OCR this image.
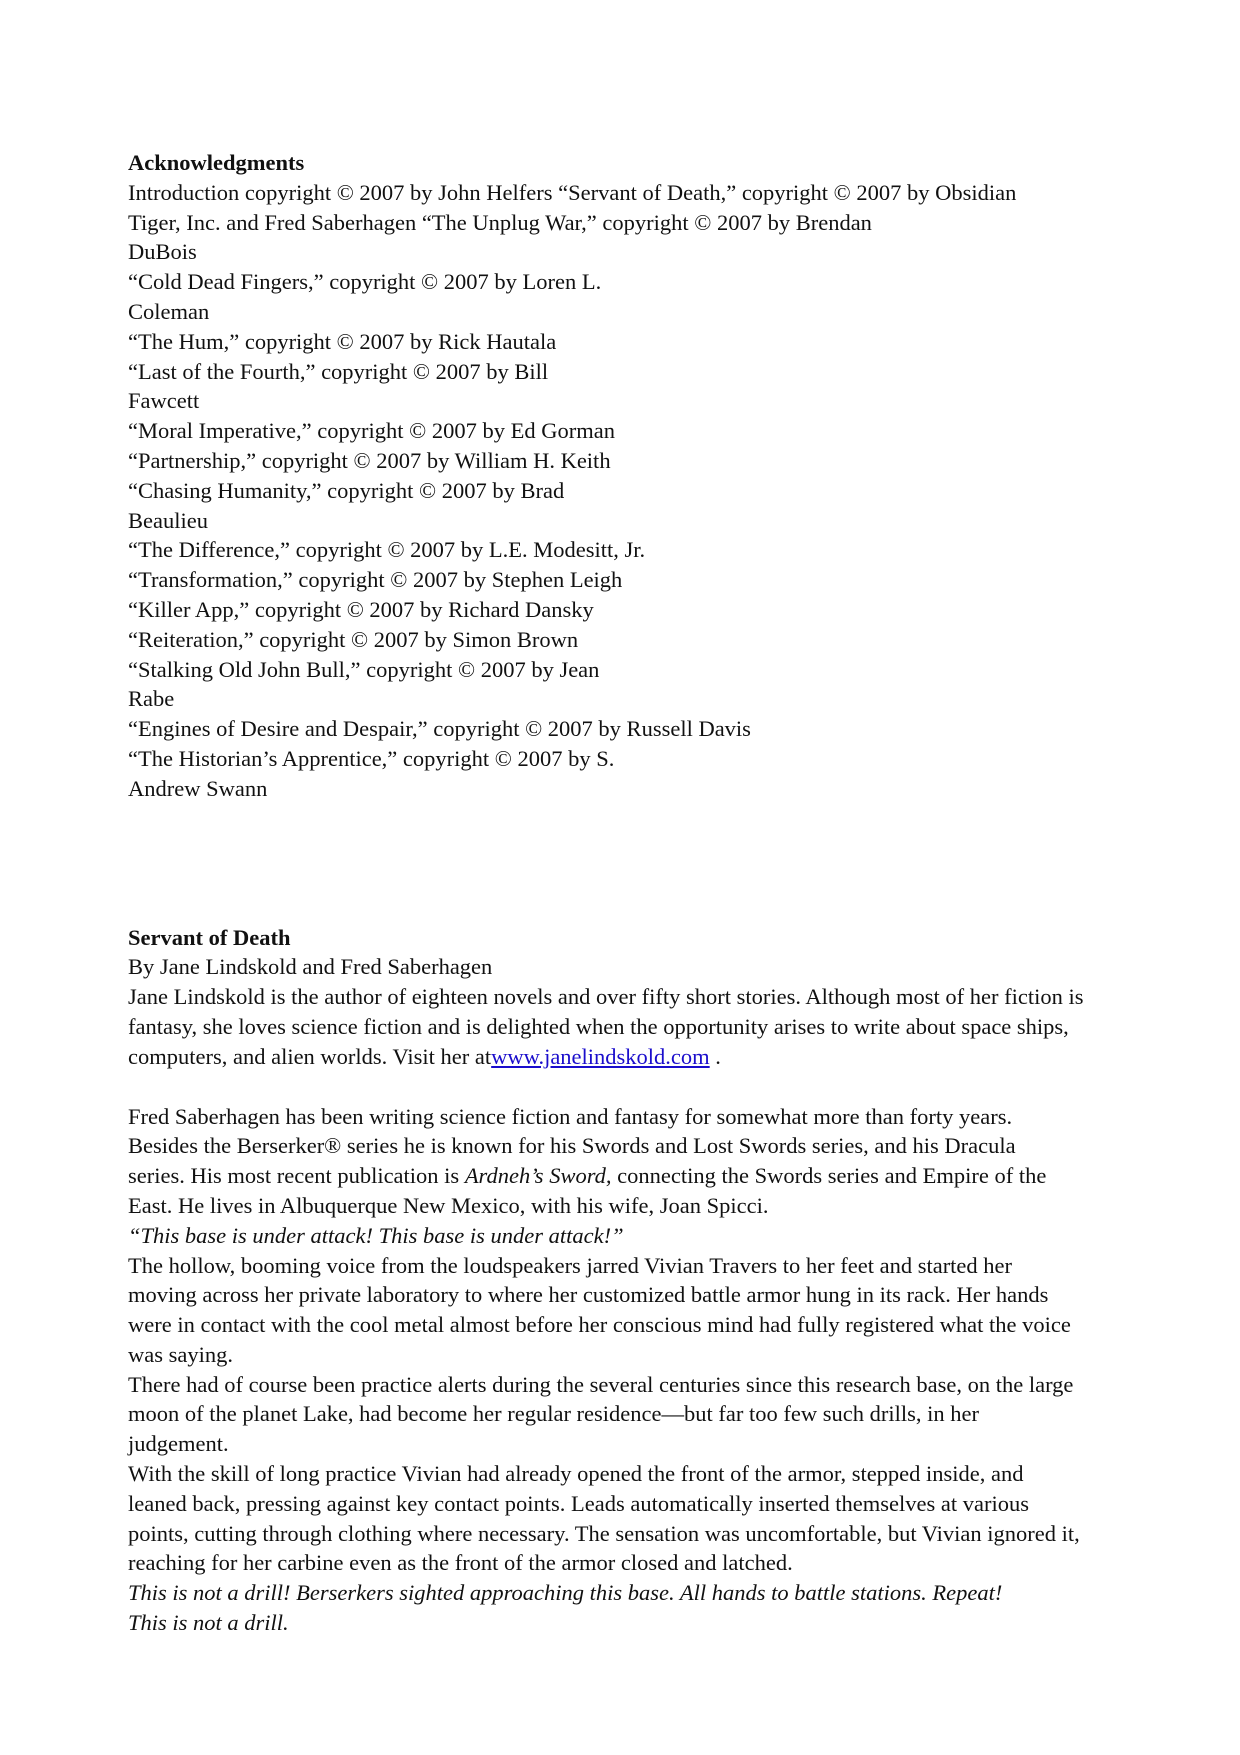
Acknowledgments
Introduction copyright © 2007 by John Helfers “Servant of Death,” copyright © 2007 by Obsidian
Tiger, Inc. and Fred Saberhagen “The Unplug War,” copyright © 2007 by Brendan
DuBois
“Cold Dead Fingers,” copyright © 2007 by Loren L.
Coleman
“The Hum,” copyright © 2007 by Rick Hautala
“Last of the Fourth,” copyright © 2007 by Bill
Fawcett
“Moral Imperative,” copyright © 2007 by Ed Gorman
“Partnership,” copyright © 2007 by William H. Keith
“Chasing Humanity,” copyright © 2007 by Brad
Beaulieu
“The Difference,” copyright © 2007 by L.E. Modesitt, Jr.
“Transformation,” copyright © 2007 by Stephen Leigh
“Killer App,” copyright © 2007 by Richard Dansky
“Reiteration,” copyright © 2007 by Simon Brown
“Stalking Old John Bull,” copyright © 2007 by Jean
Rabe
“Engines of Desire and Despair,” copyright © 2007 by Russell Davis
“The Historian’s Apprentice,” copyright © 2007 by S.
Andrew Swann
Servant of Death
By Jane Lindskold and Fred Saberhagen
Jane Lindskold is the author of eighteen novels and over fifty short stories. Although most of her fiction is
fantasy, she loves science fiction and is delighted when the opportunity arises to write about space ships,
computers, and alien worlds. Visit her atwww.janelindskold.com .
Fred Saberhagen has been writing science fiction and fantasy for somewhat more than forty years.
Besides the Berserker® series he is known for his Swords and Lost Swords series, and his Dracula
series. His most recent publication is Ardneh’s Sword, connecting the Swords series and Empire of the
East. He lives in Albuquerque New Mexico, with his wife, Joan Spicci.
“This base is under attack! This base is under attack!”
The hollow, booming voice from the loudspeakers jarred Vivian Travers to her feet and started her
moving across her private laboratory to where her customized battle armor hung in its rack. Her hands
were in contact with the cool metal almost before her conscious mind had fully registered what the voice
was saying.
There had of course been practice alerts during the several centuries since this research base, on the large
moon of the planet Lake, had become her regular residence—but far too few such drills, in her
judgement.
With the skill of long practice Vivian had already opened the front of the armor, stepped inside, and
leaned back, pressing against key contact points. Leads automatically inserted themselves at various
points, cutting through clothing where necessary. The sensation was uncomfortable, but Vivian ignored it,
reaching for her carbine even as the front of the armor closed and latched.
This is not a drill! Berserkers sighted approaching this base. All hands to battle stations. Repeat!
This is not a drill.
